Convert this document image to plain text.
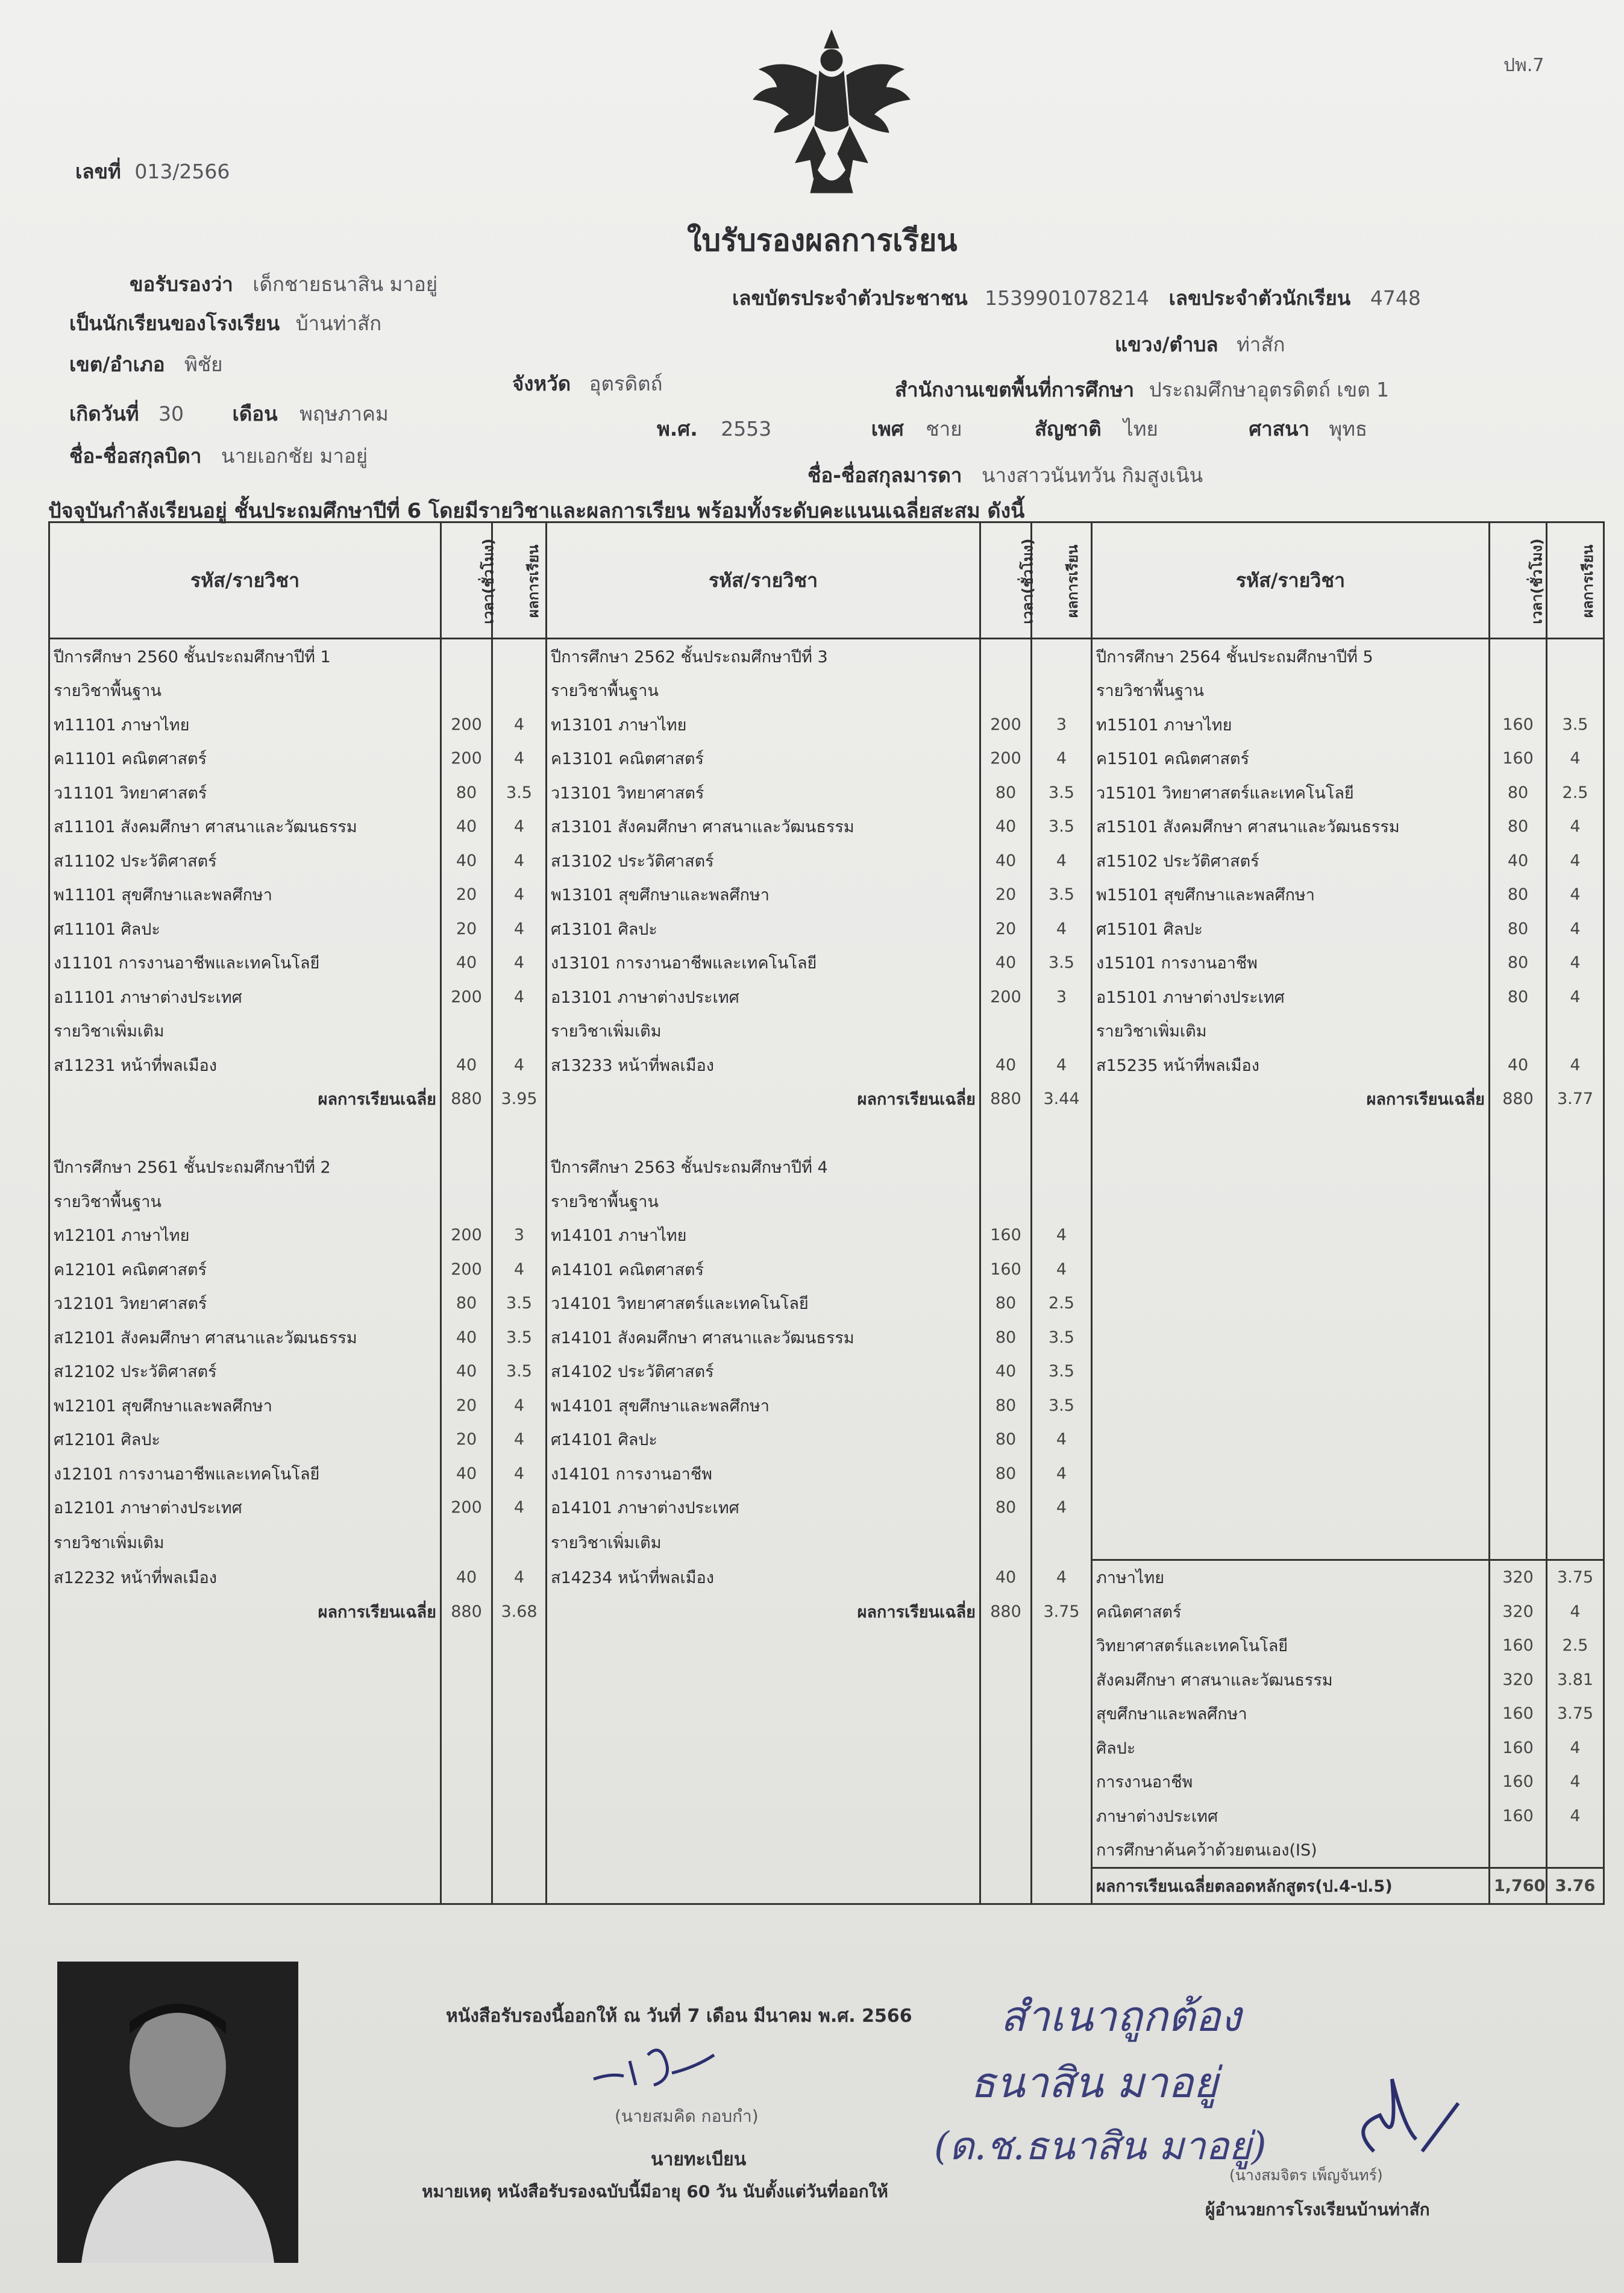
ปพ.7
เลขที่ 013/2566
ใบรับรองผลการเรียน
ขอรับรองว่า เด็กชายธนาสิน มาอยู่
เลขบัตรประจำตัวประชาชน 1539901078214 เลขประจำตัวนักเรียน 4748
เป็นนักเรียนของโรงเรียน บ้านท่าสัก
แขวง/ตำบล ท่าสัก
เขต/อำเภอ พิชัย
จังหวัด อุตรดิตถ์	สำนักงานเขตพื้นที่การศึกษา ประถมศึกษาอุตรดิตถ์ เขต 1
เกิดวันที่ 30 เดือน พฤษภาคม
พ.ศ. 2553	เพศ ชาย	สัญชาติ ไทย	ศาสนา พุทธ
ชื่อ-ชื่อสกุลบิดา นายเอกชัย มาอยู่
ชื่อ-ชื่อสกุลมารดา นางสาวนันทวัน กิมสูงเนิน
ปัจจุบันกำลังเรียนอยู่ ชั้นประถมศึกษาปีที่ 6 โดยมีรายวิชาและผลการเรียน พร้อมทั้งระดับคะแนนเฉลี่ยสะสม ดังนี้
รหัส/รายวิชา	เวลา(ชั่วโมง)	ผลการเรียน	รหัส/รายวิชา	เวลา(ชั่วโมง)	ผลการเรียน	รหัส/รายวิชา	เวลา(ชั่วโมง)	ผลการเรียน
ปีการศึกษา 2560 ชั้นประถมศึกษาปีที่ 1			ปีการศึกษา 2562 ชั้นประถมศึกษาปีที่ 3			ปีการศึกษา 2564 ชั้นประถมศึกษาปีที่ 5		
รายวิชาพื้นฐาน			รายวิชาพื้นฐาน			รายวิชาพื้นฐาน		
ท11101 ภาษาไทย	200	4	ท13101 ภาษาไทย	200	3	ท15101 ภาษาไทย	160	3.5
ค11101 คณิตศาสตร์	200	4	ค13101 คณิตศาสตร์	200	4	ค15101 คณิตศาสตร์	160	4
ว11101 วิทยาศาสตร์	80	3.5	ว13101 วิทยาศาสตร์	80	3.5	ว15101 วิทยาศาสตร์และเทคโนโลยี	80	2.5
ส11101 สังคมศึกษา ศาสนาและวัฒนธรรม	40	4	ส13101 สังคมศึกษา ศาสนาและวัฒนธรรม	40	3.5	ส15101 สังคมศึกษา ศาสนาและวัฒนธรรม	80	4
ส11102 ประวัติศาสตร์	40	4	ส13102 ประวัติศาสตร์	40	4	ส15102 ประวัติศาสตร์	40	4
พ11101 สุขศึกษาและพลศึกษา	20	4	พ13101 สุขศึกษาและพลศึกษา	20	3.5	พ15101 สุขศึกษาและพลศึกษา	80	4
ศ11101 ศิลปะ	20	4	ศ13101 ศิลปะ	20	4	ศ15101 ศิลปะ	80	4
ง11101 การงานอาชีพและเทคโนโลยี	40	4	ง13101 การงานอาชีพและเทคโนโลยี	40	3.5	ง15101 การงานอาชีพ	80	4
อ11101 ภาษาต่างประเทศ	200	4	อ13101 ภาษาต่างประเทศ	200	3	อ15101 ภาษาต่างประเทศ	80	4
รายวิชาเพิ่มเติม			รายวิชาเพิ่มเติม			รายวิชาเพิ่มเติม		
ส11231 หน้าที่พลเมือง	40	4	ส13233 หน้าที่พลเมือง	40	4	ส15235 หน้าที่พลเมือง	40	4
ผลการเรียนเฉลี่ย	880	3.95	ผลการเรียนเฉลี่ย	880	3.44	ผลการเรียนเฉลี่ย	880	3.77

ปีการศึกษา 2561 ชั้นประถมศึกษาปีที่ 2			ปีการศึกษา 2563 ชั้นประถมศึกษาปีที่ 4					
รายวิชาพื้นฐาน			รายวิชาพื้นฐาน					
ท12101 ภาษาไทย	200	3	ท14101 ภาษาไทย	160	4			
ค12101 คณิตศาสตร์	200	4	ค14101 คณิตศาสตร์	160	4			
ว12101 วิทยาศาสตร์	80	3.5	ว14101 วิทยาศาสตร์และเทคโนโลยี	80	2.5			
ส12101 สังคมศึกษา ศาสนาและวัฒนธรรม	40	3.5	ส14101 สังคมศึกษา ศาสนาและวัฒนธรรม	80	3.5			
ส12102 ประวัติศาสตร์	40	3.5	ส14102 ประวัติศาสตร์	40	3.5			
พ12101 สุขศึกษาและพลศึกษา	20	4	พ14101 สุขศึกษาและพลศึกษา	80	3.5			
ศ12101 ศิลปะ	20	4	ศ14101 ศิลปะ	80	4			
ง12101 การงานอาชีพและเทคโนโลยี	40	4	ง14101 การงานอาชีพ	80	4			
อ12101 ภาษาต่างประเทศ	200	4	อ14101 ภาษาต่างประเทศ	80	4			
รายวิชาเพิ่มเติม			รายวิชาเพิ่มเติม					
ส12232 หน้าที่พลเมือง	40	4	ส14234 หน้าที่พลเมือง	40	4	ภาษาไทย	320	3.75
ผลการเรียนเฉลี่ย	880	3.68	ผลการเรียนเฉลี่ย	880	3.75	คณิตศาสตร์	320	4
						วิทยาศาสตร์และเทคโนโลยี	160	2.5
						สังคมศึกษา ศาสนาและวัฒนธรรม	320	3.81
						สุขศึกษาและพลศึกษา	160	3.75
						ศิลปะ	160	4
						การงานอาชีพ	160	4
						ภาษาต่างประเทศ	160	4
						การศึกษาค้นคว้าด้วยตนเอง(IS)		
						ผลการเรียนเฉลี่ยตลอดหลักสูตร(ป.4-ป.5)	1,760	3.76
หนังสือรับรองนี้ออกให้ ณ วันที่ 7 เดือน มีนาคม พ.ศ. 2566
(นายสมคิด กอบกำ)
นายทะเบียน
หมายเหตุ หนังสือรับรองฉบับนี้มีอายุ 60 วัน นับตั้งแต่วันที่ออกให้
สำเนาถูกต้อง
ธนาสิน มาอยู่
(ด.ช.ธนาสิน มาอยู่)
(นางสมจิตร เพ็ญจันทร์)
ผู้อำนวยการโรงเรียนบ้านท่าสัก
